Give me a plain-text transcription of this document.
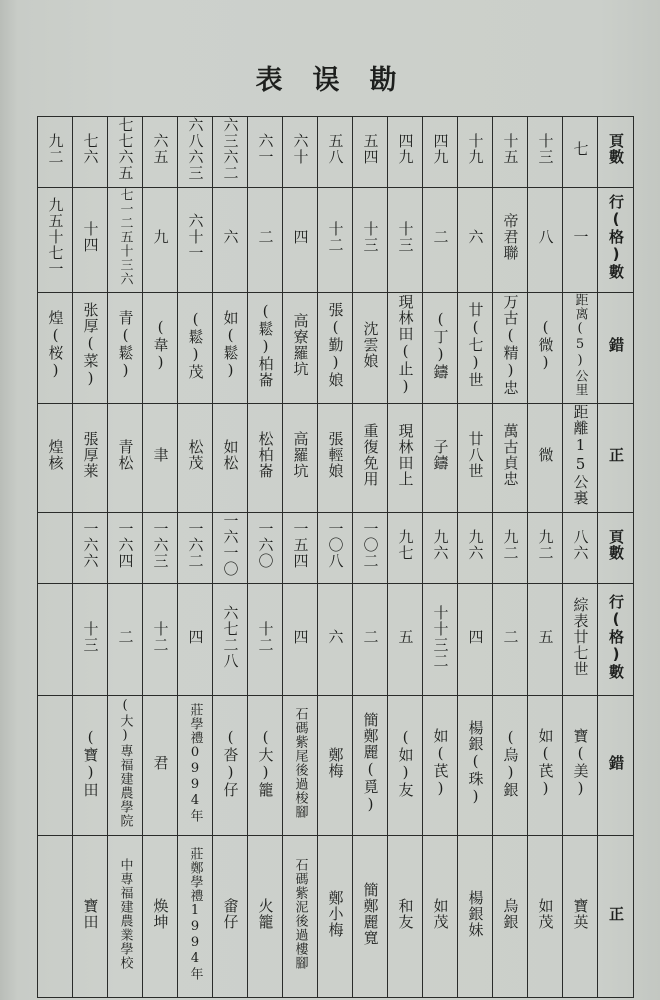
表误勘
九二	七六	七七六五	六五	六八六三	六三六二	六一	六十	五八	五四	四九	四九	十九	十五	十三	七	頁數
九五十七一	十四	七一二五十三六	九	六十一	六	二	四	十二	十三	十三	二	六	帝君聯	八	一	行(格)數
煌(桜)	张厚(菜)	青(鬆)	(韋)	(鬆)茂	如(鬆)	(鬆)柏崙	高寮羅坑	張(勤)娘	沈雲娘	現林田(止)	(丁)鑄	廿(七)世	万古(精)忠	(微)	距离(5)公里	錯
煌核	張厚莱	青松	聿	松茂	如松	松柏崙	高羅坑	張輕娘	重復免用	現林田上	子鑄	廿八世	萬古貞忠	微	距離15公裏	正
	一六六	一六四	一六三	一六二	一六一〇	一六〇	一五四	一〇八	一〇二	九七	九六	九六	九二	九二	八六	頁數
	十三	二	十二	四	六七二八	十二	四	六	二	五	十十三二	四	二	五	綜表廿七世	行(格)數
	(寶)田	(大)專福建農學院	君	莊學禮0994年	(沓)仔	(大)籠	石碼紫尾後過梭腳	鄭梅	簡鄭麗(覓)	(如)友	如(芪)	楊銀(珠)	(烏)銀	如(芪)	寶(美)	錯
	寶田	中專福建農業學校	焕坤	莊鄭學禮1994年	畬仔	火籠	石碼紫泥後過樓腳	鄭小梅	簡鄭麗寬	和友	如茂	楊銀妹	烏銀	如茂	寶英	正
